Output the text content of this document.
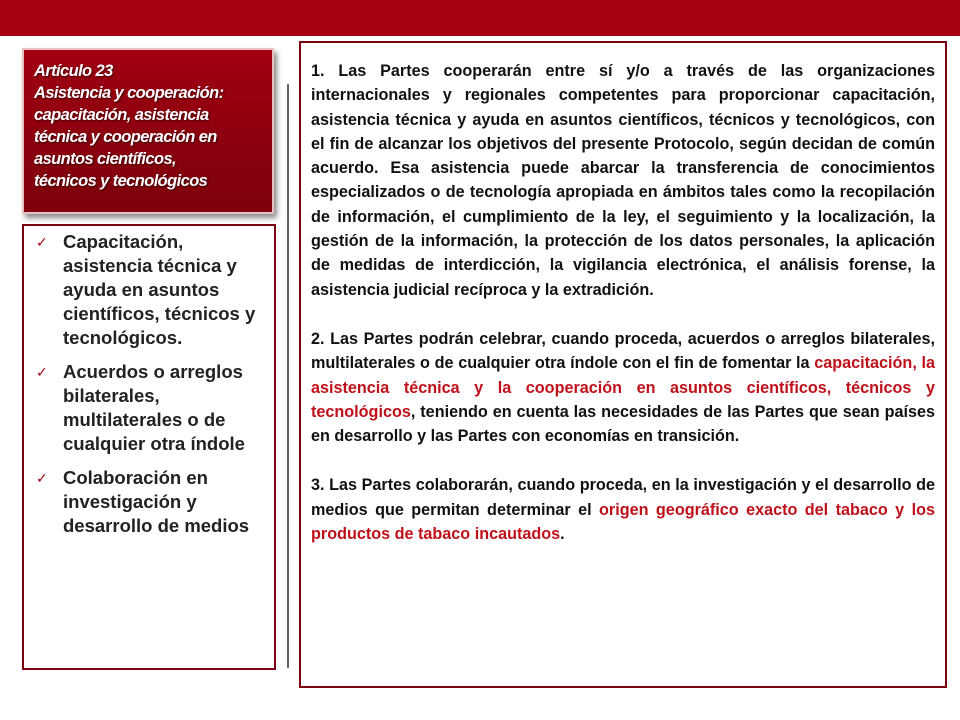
Artículo 23
Asistencia y cooperación:
capacitación, asistencia
técnica y cooperación en
asuntos científicos,
técnicos y tecnológicos
✓ Capacitación, asistencia técnica y ayuda en asuntos científicos, técnicos y tecnológicos.
✓ Acuerdos o arreglos bilaterales, multilaterales o de cualquier otra índole
✓ Colaboración en investigación y desarrollo de medios

1. Las Partes cooperarán entre sí y/o a través de las organizaciones internacionales y regionales competentes para proporcionar capacitación, asistencia técnica y ayuda en asuntos científicos, técnicos y tecnológicos, con el fin de alcanzar los objetivos del presente Protocolo, según decidan de común acuerdo. Esa asistencia puede abarcar la transferencia de conocimientos especializados o de tecnología apropiada en ámbitos tales como la recopilación de información, el cumplimiento de la ley, el seguimiento y la localización, la gestión de la información, la protección de los datos personales, la aplicación de medidas de interdicción, la vigilancia electrónica, el análisis forense, la asistencia judicial recíproca y la extradición.

2. Las Partes podrán celebrar, cuando proceda, acuerdos o arreglos bilaterales, multilaterales o de cualquier otra índole con el fin de fomentar la capacitación, la asistencia técnica y la cooperación en asuntos científicos, técnicos y tecnológicos, teniendo en cuenta las necesidades de las Partes que sean países en desarrollo y las Partes con economías en transición.

3. Las Partes colaborarán, cuando proceda, en la investigación y el desarrollo de medios que permitan determinar el origen geográfico exacto del tabaco y los productos de tabaco incautados.
